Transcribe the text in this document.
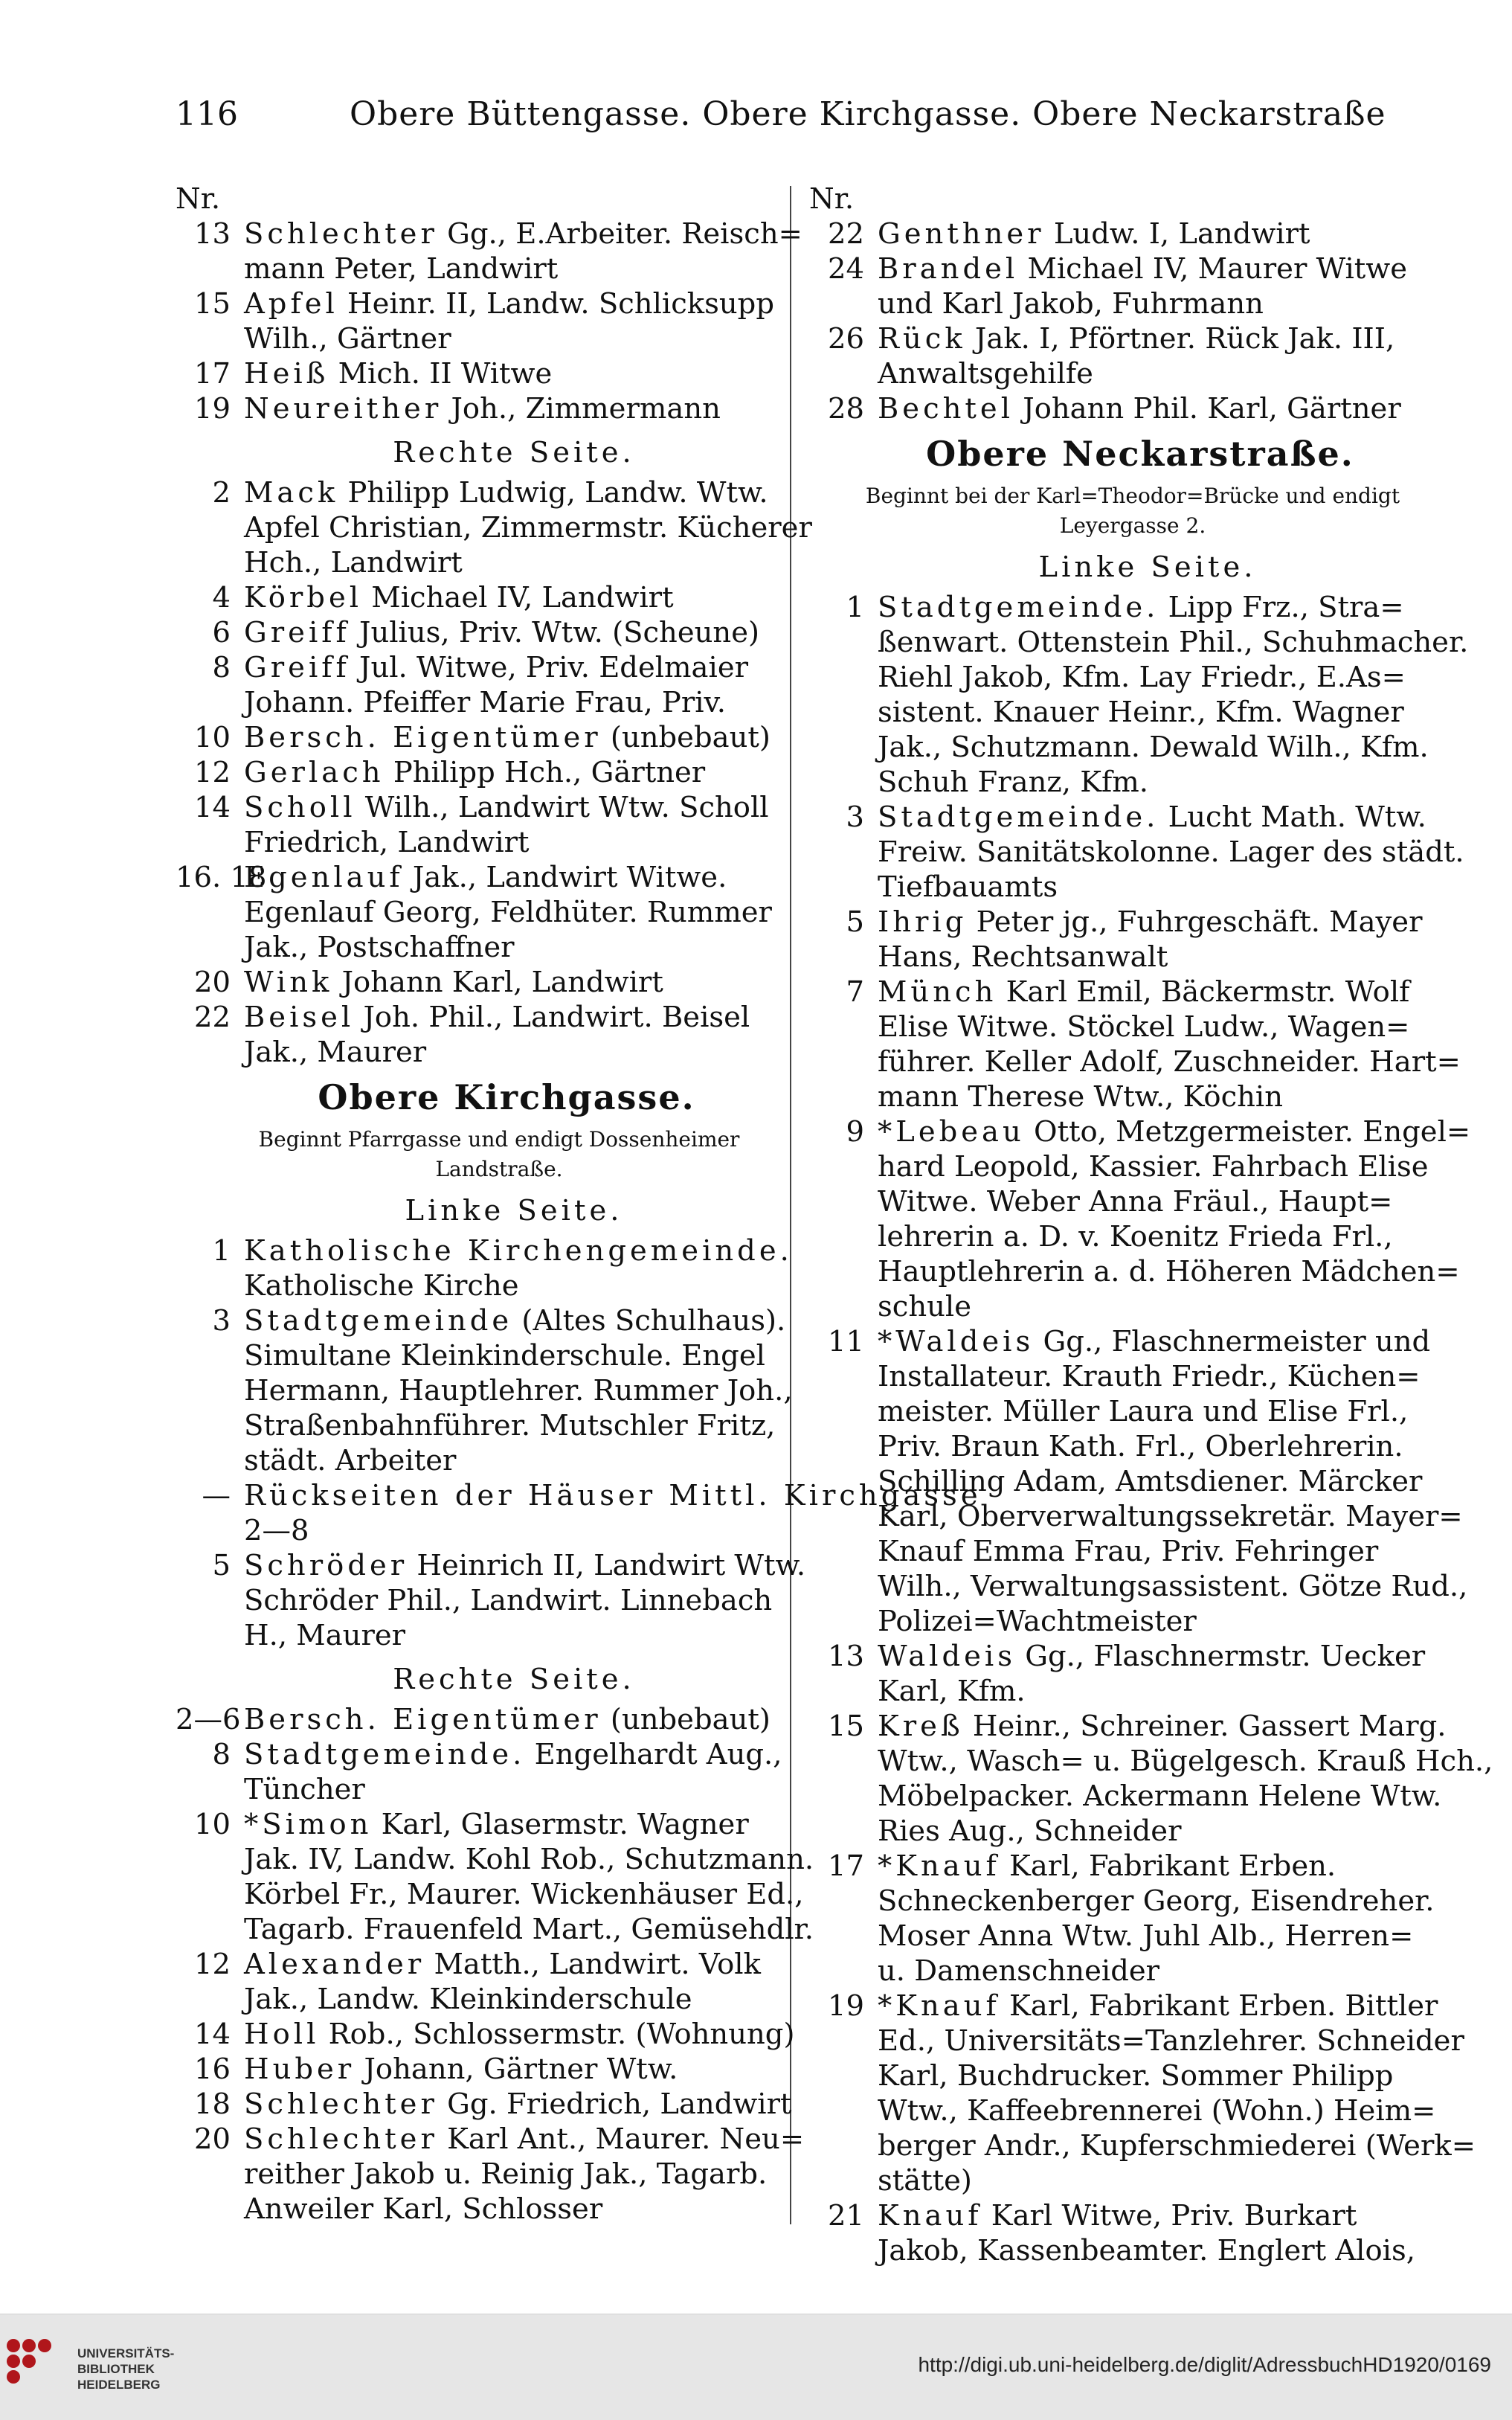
116	Obere Büttengasse. Obere Kirchgasse. Obere Neckarstraße
Nr.
13 Schlechter Gg., E.Arbeiter. Reisch=
mann Peter, Landwirt
15 Apfel Heinr. II, Landw. Schlicksupp
Wilh., Gärtner
17 Heiß Mich. II Witwe
19 Neureither Joh., Zimmermann
Rechte Seite.
2 Mack Philipp Ludwig, Landw. Wtw.
Apfel Christian, Zimmermstr. Kücherer
Hch., Landwirt
4 Körbel Michael IV, Landwirt
6 Greiff Julius, Priv. Wtw. (Scheune)
8 Greiff Jul. Witwe, Priv. Edelmaier
Johann. Pfeiffer Marie Frau, Priv.
10 Bersch. Eigentümer (unbebaut)
12 Gerlach Philipp Hch., Gärtner
14 Scholl Wilh., Landwirt Wtw. Scholl
Friedrich, Landwirt
16. 18
Egenlauf Jak., Landwirt Witwe.
Egenlauf Georg, Feldhüter. Rummer
Jak., Postschaffner
20 Wink Johann Karl, Landwirt
22 Beisel Joh. Phil., Landwirt. Beisel
Jak., Maurer
Obere Kirchgasse.
Beginnt Pfarrgasse und endigt Dossenheimer
Landstraße.
Linke Seite.
1 Katholische Kirchengemeinde.
Katholische Kirche
3 Stadtgemeinde (Altes Schulhaus).
Simultane Kleinkinderschule. Engel
Hermann, Hauptlehrer. Rummer Joh.,
Straßenbahnführer. Mutschler Fritz,
städt. Arbeiter
— Rückseiten der Häuser Mittl. Kirchgasse
2—8
5 Schröder Heinrich II, Landwirt Wtw.
Schröder Phil., Landwirt. Linnebach
H., Maurer
Rechte Seite.
2—6 Bersch. Eigentümer (unbebaut)
8 Stadtgemeinde. Engelhardt Aug.,
Tüncher
10 *Simon Karl, Glasermstr. Wagner
Jak. IV, Landw. Kohl Rob., Schutzmann.
Körbel Fr., Maurer. Wickenhäuser Ed.,
Tagarb. Frauenfeld Mart., Gemüsehdlr.
12 Alexander Matth., Landwirt. Volk
Jak., Landw. Kleinkinderschule
14 Holl Rob., Schlossermstr. (Wohnung)
16 Huber Johann, Gärtner Wtw.
18 Schlechter Gg. Friedrich, Landwirt
20 Schlechter Karl Ant., Maurer. Neu=
reither Jakob u. Reinig Jak., Tagarb.
Anweiler Karl, Schlosser
Nr.
22 Genthner Ludw. I, Landwirt
24 Brandel Michael IV, Maurer Witwe
und Karl Jakob, Fuhrmann
26 Rück Jak. I, Pförtner. Rück Jak. III,
Anwaltsgehilfe
28 Bechtel Johann Phil. Karl, Gärtner
Obere Neckarstraße.
Beginnt bei der Karl=Theodor=Brücke und endigt
Leyergasse 2.
Linke Seite.
1 Stadtgemeinde. Lipp Frz., Stra=
ßenwart. Ottenstein Phil., Schuhmacher.
Riehl Jakob, Kfm. Lay Friedr., E.As=
sistent. Knauer Heinr., Kfm. Wagner
Jak., Schutzmann. Dewald Wilh., Kfm.
Schuh Franz, Kfm.
3 Stadtgemeinde. Lucht Math. Wtw.
Freiw. Sanitätskolonne. Lager des städt.
Tiefbauamts
5 Ihrig Peter jg., Fuhrgeschäft. Mayer
Hans, Rechtsanwalt
7 Münch Karl Emil, Bäckermstr. Wolf
Elise Witwe. Stöckel Ludw., Wagen=
führer. Keller Adolf, Zuschneider. Hart=
mann Therese Wtw., Köchin
9 *Lebeau Otto, Metzgermeister. Engel=
hard Leopold, Kassier. Fahrbach Elise
Witwe. Weber Anna Fräul., Haupt=
lehrerin a. D. v. Koenitz Frieda Frl.,
Hauptlehrerin a. d. Höheren Mädchen=
schule
11 *Waldeis Gg., Flaschnermeister und
Installateur. Krauth Friedr., Küchen=
meister. Müller Laura und Elise Frl.,
Priv. Braun Kath. Frl., Oberlehrerin.
Schilling Adam, Amtsdiener. Märcker
Karl, Oberverwaltungssekretär. Mayer=
Knauf Emma Frau, Priv. Fehringer
Wilh., Verwaltungsassistent. Götze Rud.,
Polizei=Wachtmeister
13 Waldeis Gg., Flaschnermstr. Uecker
Karl, Kfm.
15 Kreß Heinr., Schreiner. Gassert Marg.
Wtw., Wasch= u. Bügelgesch. Krauß Hch.,
Möbelpacker. Ackermann Helene Wtw.
Ries Aug., Schneider
17 *Knauf Karl, Fabrikant Erben.
Schneckenberger Georg, Eisendreher.
Moser Anna Wtw. Juhl Alb., Herren=
u. Damenschneider
19 *Knauf Karl, Fabrikant Erben. Bittler
Ed., Universitäts=Tanzlehrer. Schneider
Karl, Buchdrucker. Sommer Philipp
Wtw., Kaffeebrennerei (Wohn.) Heim=
berger Andr., Kupferschmiederei (Werk=
stätte)
21 Knauf Karl Witwe, Priv. Burkart
Jakob, Kassenbeamter. Englert Alois,
UNIVERSITÄTS-
BIBLIOTHEK
HEIDELBERG
http://digi.ub.uni-heidelberg.de/diglit/AdressbuchHD1920/0169
